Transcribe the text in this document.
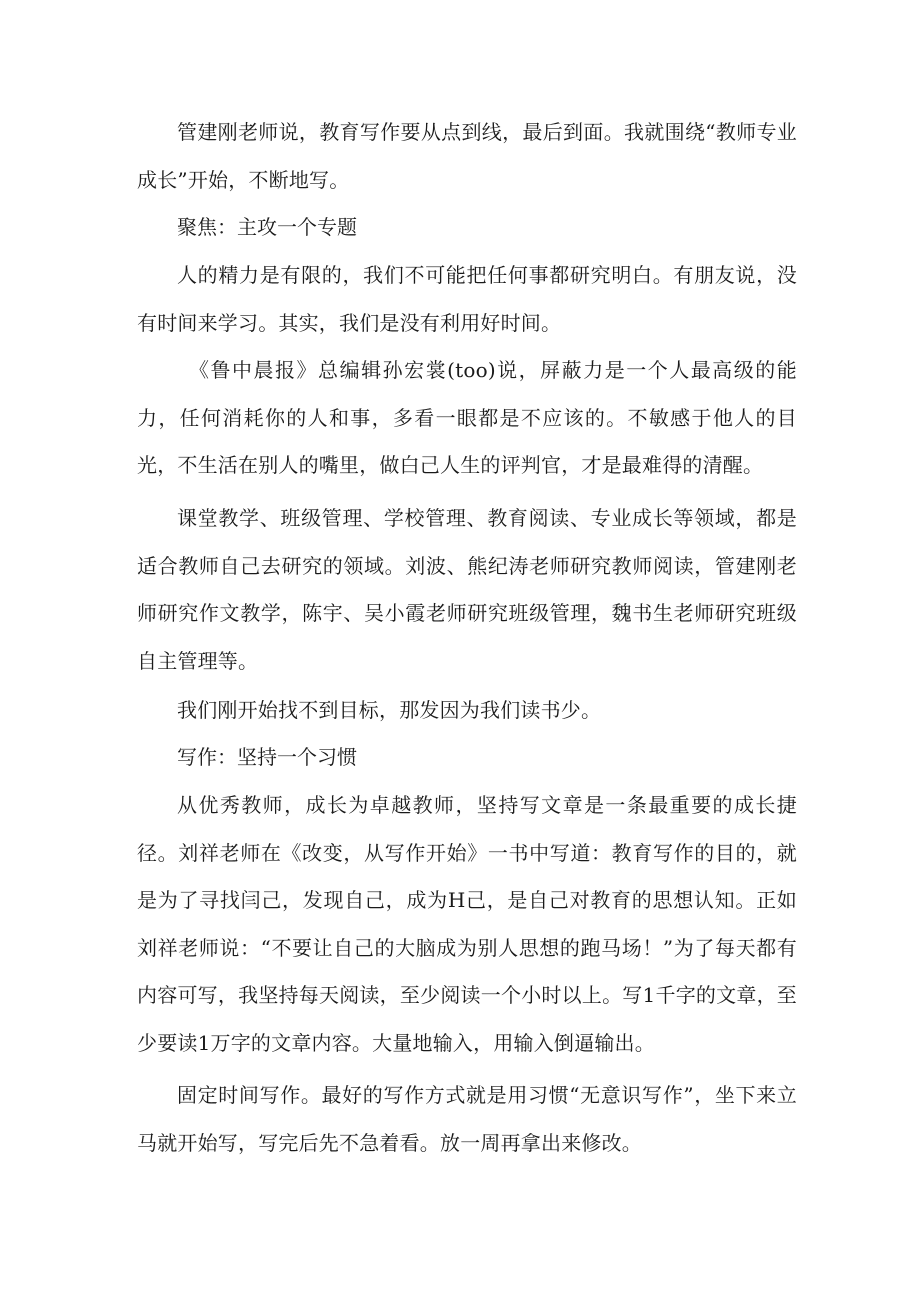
管建刚老师说，教育写作要从点到线，最后到面。我就围绕“教师专业成长”开始，不断地写。

聚焦：主攻一个专题

人的精力是有限的，我们不可能把任何事都研究明白。有朋友说，没有时间来学习。其实，我们是没有利用好时间。

《鲁中晨报》总编辑孙宏裳(too)说，屏蔽力是一个人最高级的能力，任何消耗你的人和事，多看一眼都是不应该的。不敏感于他人的目光，不生活在别人的嘴里，做白己人生的评判官，才是最难得的清醒。

课堂教学、班级管理、学校管理、教育阅读、专业成长等领域，都是适合教师自己去研究的领域。刘波、熊纪涛老师研究教师阅读，管建刚老师研究作文教学，陈宇、吴小霞老师研究班级管理，魏书生老师研究班级自主管理等。

我们刚开始找不到目标，那发因为我们读书少。

写作：坚持一个习惯

从优秀教师，成长为卓越教师，坚持写文章是一条最重要的成长捷径。刘祥老师在《改变，从写作开始》一书中写道：教育写作的目的，就是为了寻找闫己，发现自己，成为H己，是自己对教育的思想认知。正如刘祥老师说：“不要让自己的大脑成为别人思想的跑马场！”为了每天都有内容可写，我坚持每天阅读，至少阅读一个小时以上。写1千字的文章，至少要读1万字的文章内容。大量地输入，用输入倒逼输出。

固定时间写作。最好的写作方式就是用习惯“无意识写作”，坐下来立马就开始写，写完后先不急着看。放一周再拿出来修改。
